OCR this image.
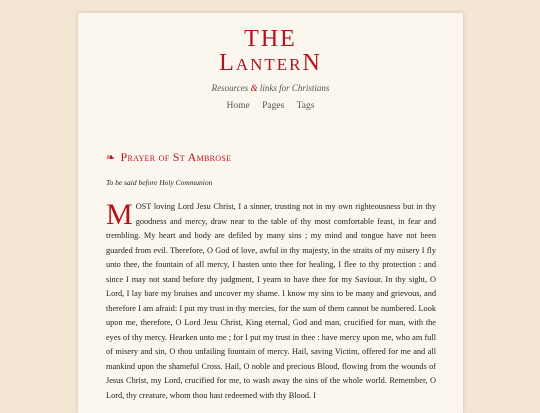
THE
LanterN
Resources & links for Christians
Home Pages Tags
❧ Prayer of St Ambrose
To be said before Holy Communion
MOST loving Lord Jesu Christ, I a sinner, trusting not in my own righteousness but in thy goodness and mercy, draw near to the table of thy most comfortable feast, in fear and trembling. My heart and body are defiled by many sins ; my mind and tongue have not been guarded from evil. Therefore, O God of love, awful in thy majesty, in the straits of my misery I fly unto thee, the fountain of all mercy, I hasten unto thee for healing, I flee to thy protection : and since I may not stand before thy judgment, I yearn to have thee for my Saviour. In thy sight, O Lord, I lay bare my bruises and uncover my shame. I know my sins to be many and grievous, and therefore I am afraid: I put my trust in thy mercies, for the sum of them cannot be numbered. Look upon me, therefore, O Lord Jesu Christ, King eternal, God and man, crucified for man, with the eyes of thy mercy. Hearken unto me ; for I put my trust in thee : have mercy upon me, who am full of misery and sin, O thou unfailing fountain of mercy. Hail, saving Victim, offered for me and all mankind upon the shameful Cross. Hail, O noble and precious Blood, flowing from the wounds of Jesus Christ, my Lord, crucified for me, to wash away the sins of the whole world. Remember, O Lord, thy creature, whom thou hast redeemed with thy Blood. I
